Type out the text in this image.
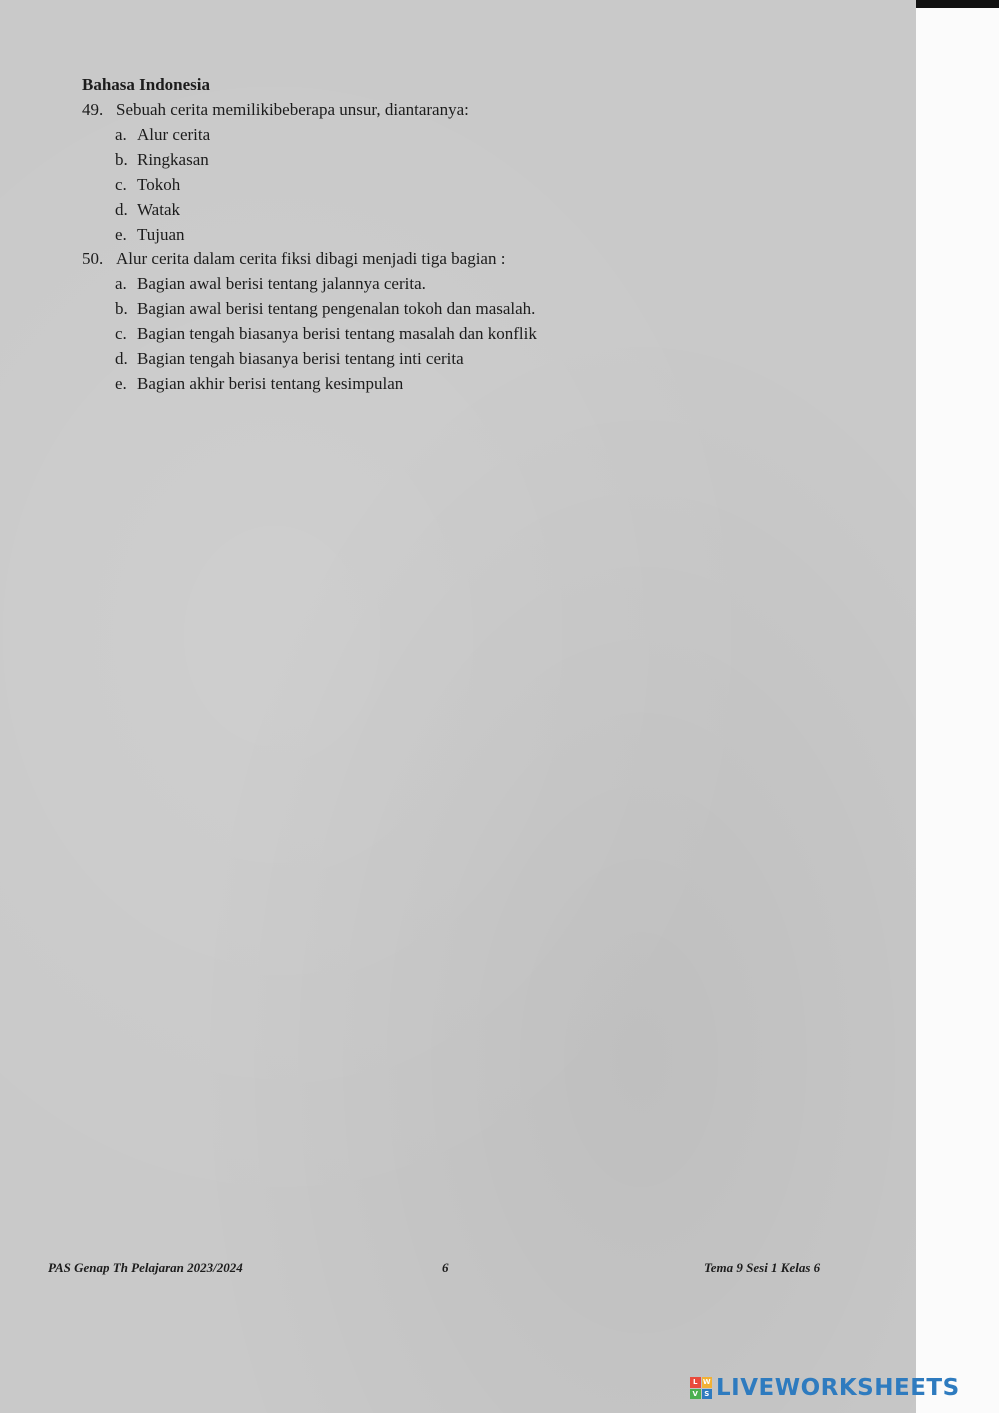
Bahasa Indonesia
49. Sebuah cerita memilikibeberapa unsur, diantaranya:
a. Alur cerita
b. Ringkasan
c. Tokoh
d. Watak
e. Tujuan
50. Alur cerita dalam cerita fiksi dibagi menjadi tiga bagian :
a. Bagian awal berisi tentang jalannya cerita.
b. Bagian awal berisi tentang pengenalan tokoh dan masalah.
c. Bagian tengah biasanya berisi tentang masalah dan konflik
d. Bagian tengah biasanya berisi tentang inti cerita
e. Bagian akhir berisi tentang kesimpulan
PAS Genap Th Pelajaran 2023/2024	6	Tema 9 Sesi 1 Kelas 6
L W
V S LIVEWORKSHEETS
